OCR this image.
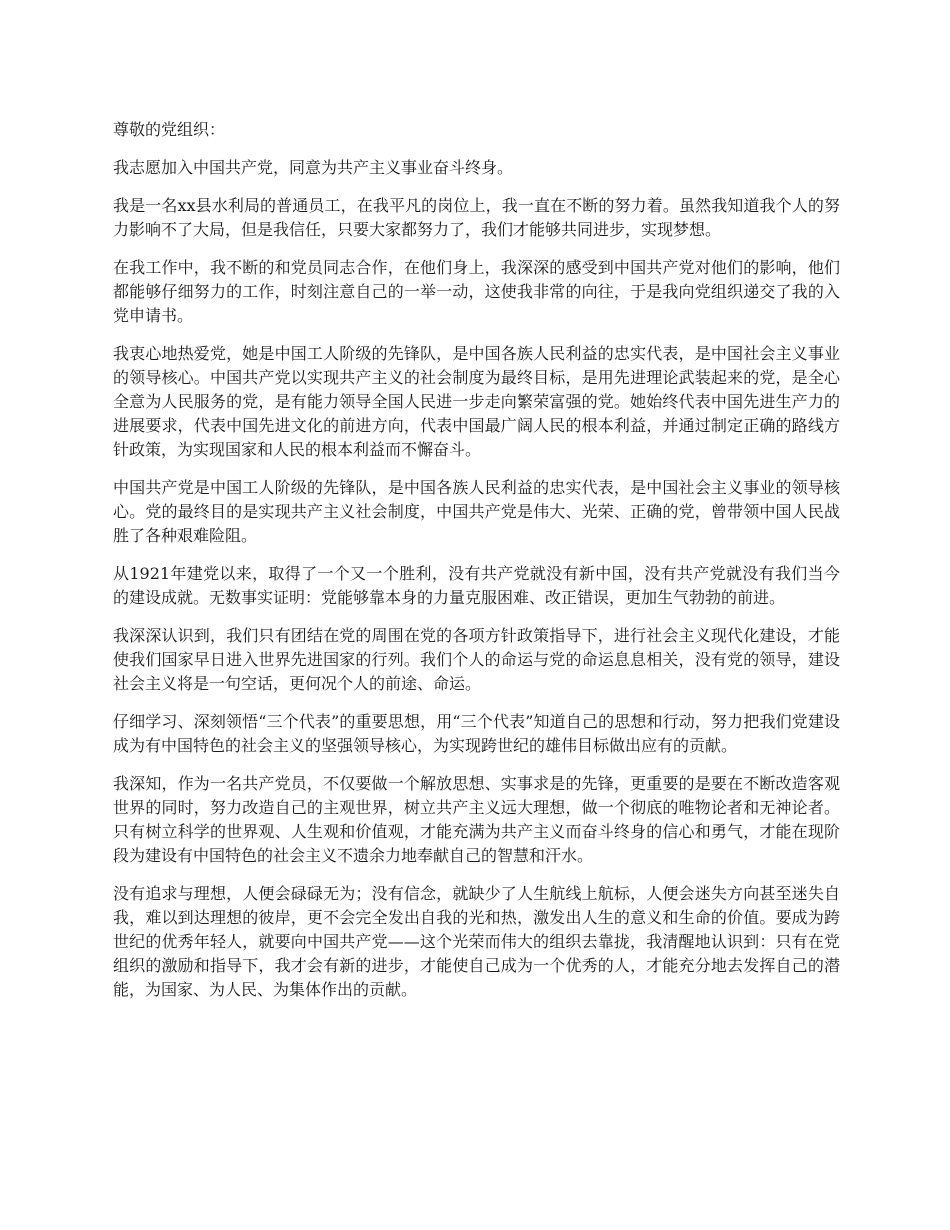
尊敬的党组织：

我志愿加入中国共产党，同意为共产主义事业奋斗终身。

我是一名xx县水利局的普通员工，在我平凡的岗位上，我一直在不断的努力着。虽然我知道我个人的努力影响不了大局，但是我信任，只要大家都努力了，我们才能够共同进步，实现梦想。

在我工作中，我不断的和党员同志合作，在他们身上，我深深的感受到中国共产党对他们的影响，他们都能够仔细努力的工作，时刻注意自己的一举一动，这使我非常的向往，于是我向党组织递交了我的入党申请书。

我衷心地热爱党，她是中国工人阶级的先锋队，是中国各族人民利益的忠实代表，是中国社会主义事业的领导核心。中国共产党以实现共产主义的社会制度为最终目标，是用先进理论武装起来的党，是全心全意为人民服务的党，是有能力领导全国人民进一步走向繁荣富强的党。她始终代表中国先进生产力的进展要求，代表中国先进文化的前进方向，代表中国最广阔人民的根本利益，并通过制定正确的路线方针政策，为实现国家和人民的根本利益而不懈奋斗。

中国共产党是中国工人阶级的先锋队，是中国各族人民利益的忠实代表，是中国社会主义事业的领导核心。党的最终目的是实现共产主义社会制度，中国共产党是伟大、光荣、正确的党，曾带领中国人民战胜了各种艰难险阻。

从1921年建党以来，取得了一个又一个胜利，没有共产党就没有新中国，没有共产党就没有我们当今的建设成就。无数事实证明：党能够靠本身的力量克服困难、改正错误，更加生气勃勃的前进。

我深深认识到，我们只有团结在党的周围在党的各项方针政策指导下，进行社会主义现代化建设，才能使我们国家早日进入世界先进国家的行列。我们个人的命运与党的命运息息相关，没有党的领导，建设社会主义将是一句空话，更何况个人的前途、命运。

仔细学习、深刻领悟“三个代表”的重要思想，用“三个代表”知道自己的思想和行动，努力把我们党建设成为有中国特色的社会主义的坚强领导核心，为实现跨世纪的雄伟目标做出应有的贡献。

我深知，作为一名共产党员，不仅要做一个解放思想、实事求是的先锋，更重要的是要在不断改造客观世界的同时，努力改造自己的主观世界，树立共产主义远大理想，做一个彻底的唯物论者和无神论者。只有树立科学的世界观、人生观和价值观，才能充满为共产主义而奋斗终身的信心和勇气，才能在现阶段为建设有中国特色的社会主义不遗余力地奉献自己的智慧和汗水。

没有追求与理想，人便会碌碌无为；没有信念，就缺少了人生航线上航标，人便会迷失方向甚至迷失自我，难以到达理想的彼岸，更不会完全发出自我的光和热，激发出人生的意义和生命的价值。要成为跨世纪的优秀年轻人，就要向中国共产党——这个光荣而伟大的组织去靠拢，我清醒地认识到：只有在党组织的激励和指导下，我才会有新的进步，才能使自己成为一个优秀的人，才能充分地去发挥自己的潜能，为国家、为人民、为集体作出的贡献。
